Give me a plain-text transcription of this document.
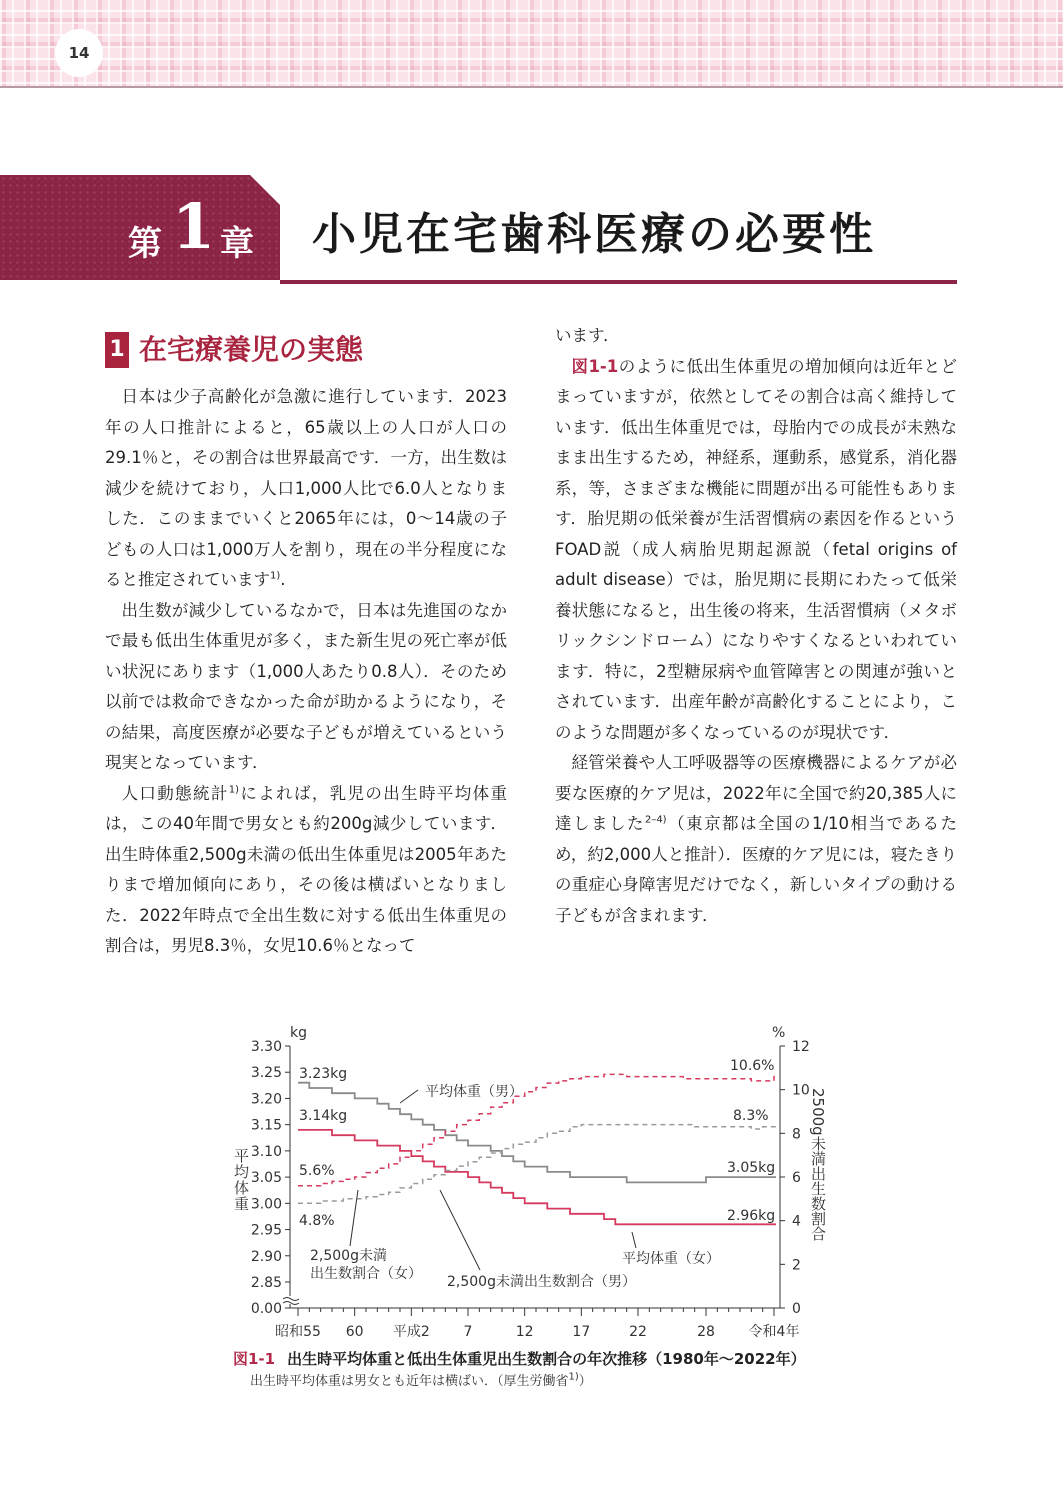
14
第 1 章 小児在宅歯科医療の必要性
1 在宅療養児の実態

日本は少子高齢化が急激に進行しています．2023年の人口推計によると，65歳以上の人口が人口の29.1％と，その割合は世界最高です．一方，出生数は減少を続けており，人口1,000人比で6.0人となりました．このままでいくと2065年には，0〜14歳の子どもの人口は1,000万人を割り，現在の半分程度になると推定されています$^{1)}$.

出生数が減少しているなかで，日本は先進国のなかで最も低出生体重児が多く，また新生児の死亡率が低い状況にあります（1,000人あたり0.8人）．そのため以前では救命できなかった命が助かるようになり，その結果，高度医療が必要な子どもが増えているという現実となっています．

人口動態統計$^{1)}$によれば，乳児の出生時平均体重は，この40年間で男女とも約200g減少しています．出生時体重2,500g未満の低出生体重児は2005年あたりまで増加傾向にあり，その後は横ばいとなりました．2022年時点で全出生数に対する低出生体重児の割合は，男児8.3％，女児10.6％となって

います．

図1-1のように低出生体重児の増加傾向は近年とどまっていますが，依然としてその割合は高く維持しています．低出生体重児では，母胎内での成長が未熟なまま出生するため，神経系，運動系，感覚系，消化器系，等，さまざまな機能に問題が出る可能性もあります．胎児期の低栄養が生活習慣病の素因を作るというFOAD説（成人病胎児期起源説（fetal origins of adult disease）では，胎児期に長期にわたって低栄養状態になると，出生後の将来，生活習慣病（メタボリックシンドローム）になりやすくなるといわれています．特に，2型糖尿病や血管障害との関連が強いとされています．出産年齢が高齢化することにより，このような問題が多くなっているのが現状です．

経管栄養や人工呼吸器等の医療機器によるケアが必要な医療的ケア児は，2022年に全国で約20,385人に達しました$^{2-4)}$（東京都は全国の1/10相当であるため，約2,000人と推計）．医療的ケア児には，寝たきりの重症心身障害児だけでなく，新しいタイプの動ける子どもが含まれます．

3.30
3.25
3.20
3.15
3.10
3.05
3.00
2.95
2.90
2.85
0.00
kg
平均体重
12
10
8
6
4
2
0
%
2500g未満出生数割合
昭和55 60 平成2 7	12	17	22	28 令和4年
3.23kg
3.14kg
5.6%
4.8%
10.6%
8.3%
3.05kg
2.96kg
平均体重（男）
平均体重（女）
2,500g未満
出生数割合（女） 2,500g未満出生数割合（男）
図1-1 出生時平均体重と低出生体重児出生数割合の年次推移（1980年〜2022年）
出生時平均体重は男女とも近年は横ばい．（厚生労働省$^{1)}$）
